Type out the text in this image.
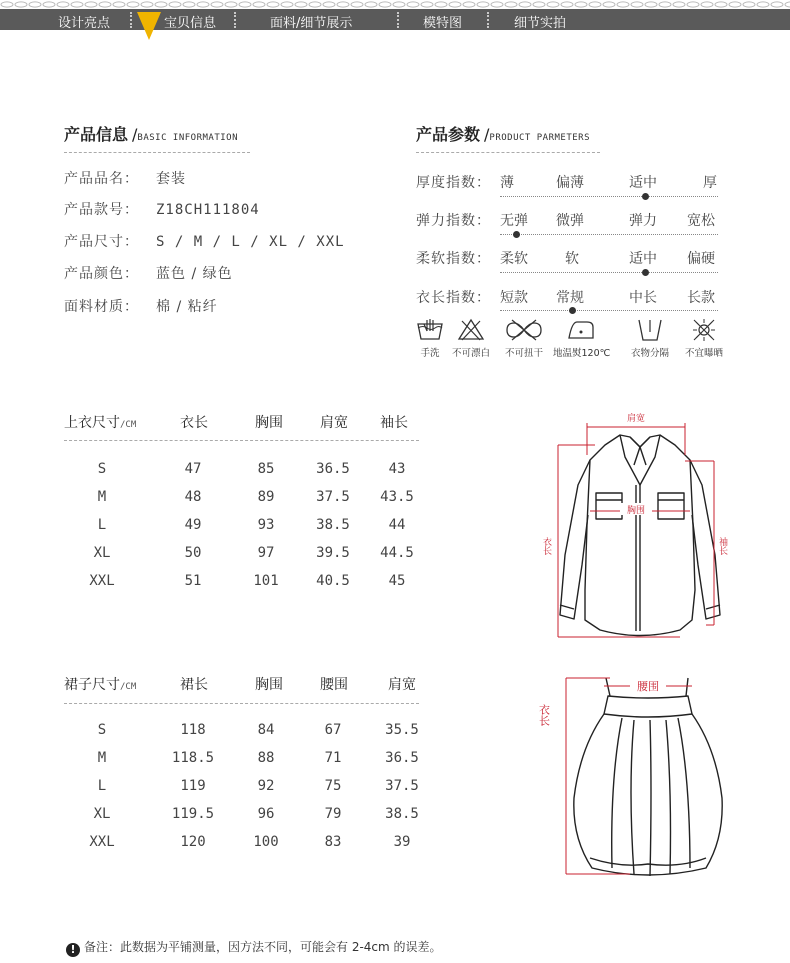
设计亮点	宝贝信息	面料/细节展示	模特图	细节实拍
产品信息 /BASIC INFORMATION
产品品名： 套装
产品款号： Z18CH111804
产品尺寸： S / M / L / XL / XXL
产品颜色： 蓝色 / 绿色
面料材质： 棉 / 粘纤
产品参数 /PRODUCT PARMETERS
厚度指数： 薄	偏薄	适中	厚
弹力指数： 无弹 微弹	弹力 宽松
柔软指数： 柔软	软	适中 偏硬
衣长指数： 短款 常规	中长 长款
手洗	不可漂白	不可扭干	地温熨120℃	衣物分隔	不宜曝晒
上衣尺寸/CM	衣长	胸围	肩宽 袖长
S	47	85	36.5	43
M	48	89	37.5 43.5
L	49	93	38.5	44
XL	50	97	39.5 44.5
XXL	51	101	40.5	45
裙子尺寸/CM	裙长	胸围	腰围	肩宽
S	118	84	67	35.5
M	118.5	88	71	36.5
L	119	92	75	37.5
XL	119.5	96	79	38.5
XXL	120	100	83	39
肩宽
胸围
衣长	袖长
腰围
衣长
! 备注：此数据为平铺测量，因方法不同，可能会有 2-4cm 的误差。
